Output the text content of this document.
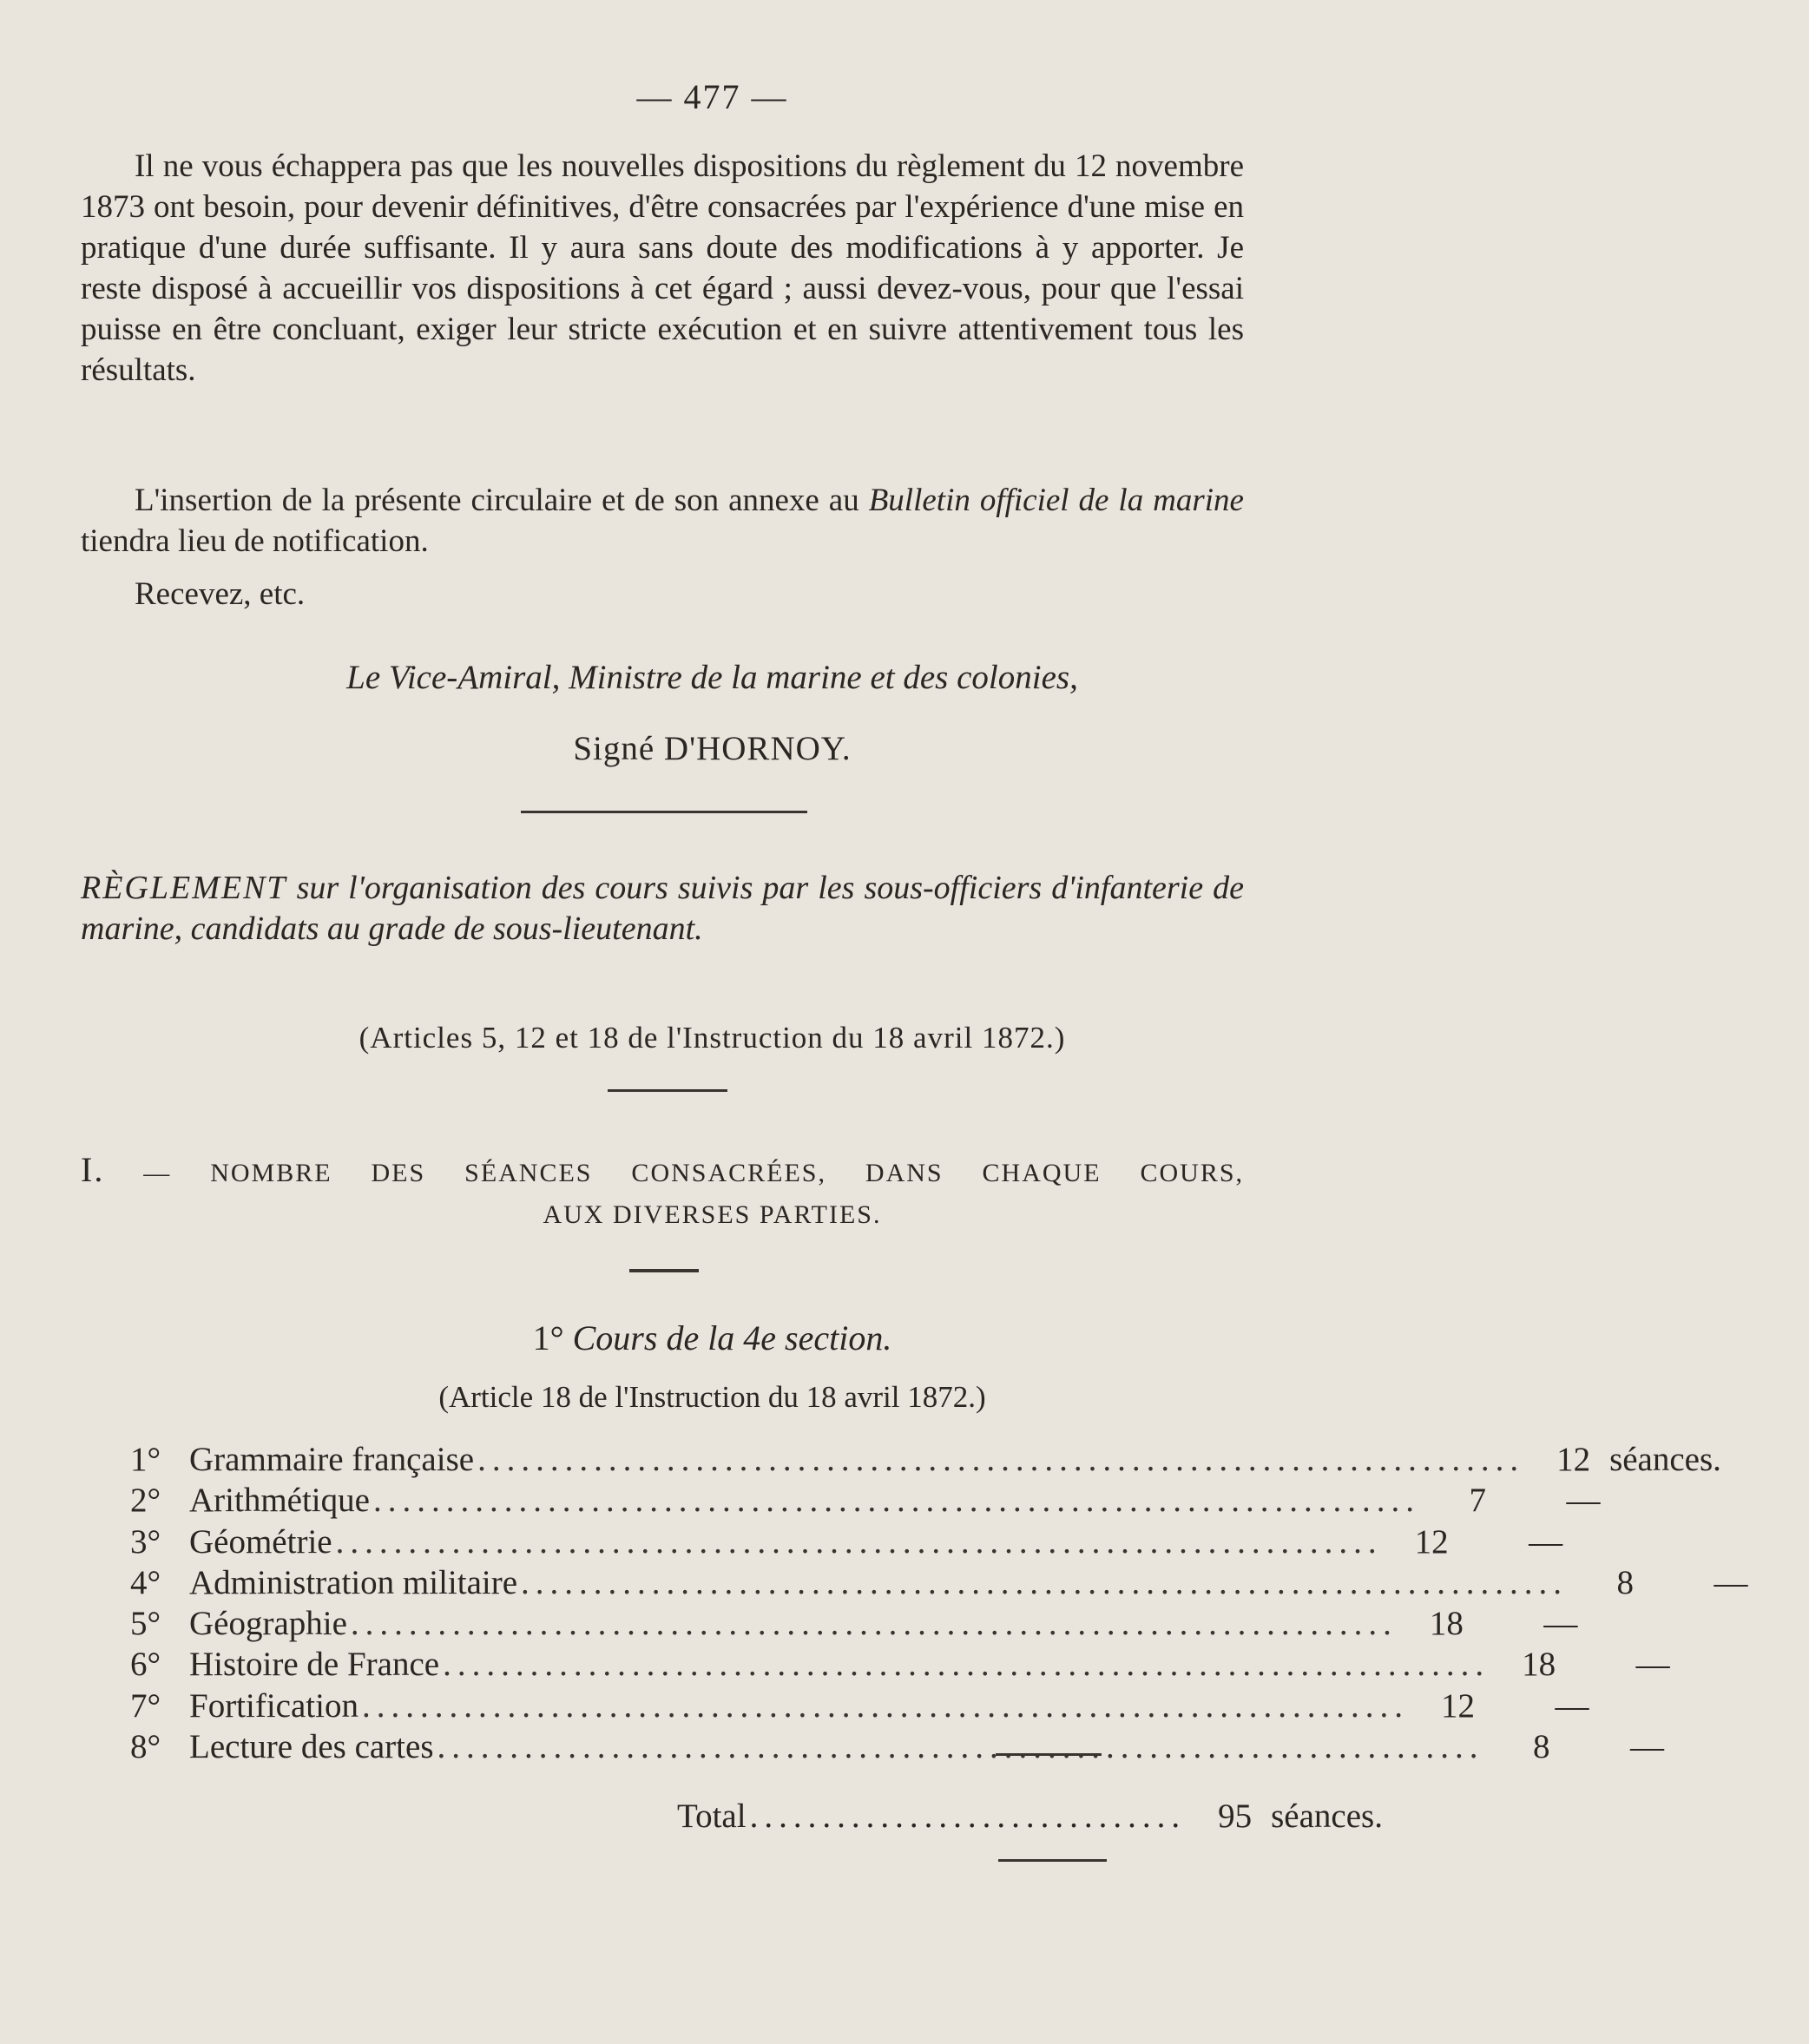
— 477 —

Il ne vous échappera pas que les nouvelles dispositions du règlement du 12 novembre 1873 ont besoin, pour devenir définitives, d'être consacrées par l'expérience d'une mise en pratique d'une durée suffisante. Il y aura sans doute des modifications à y apporter. Je reste disposé à accueillir vos dispositions à cet égard ; aussi devez-vous, pour que l'essai puisse en être concluant, exiger leur stricte exécution et en suivre attentivement tous les résultats.

L'insertion de la présente circulaire et de son annexe au Bulletin officiel de la marine tiendra lieu de notification.

Recevez, etc.

Le Vice-Amiral, Ministre de la marine et des colonies,
Signé D'HORNOY.

RÈGLEMENT sur l'organisation des cours suivis par les sous-officiers d'infanterie de marine, candidats au grade de sous-lieutenant.

(Articles 5, 12 et 18 de l'Instruction du 18 avril 1872.)
I. — NOMBRE DES SÉANCES CONSACRÉES, DANS CHAQUE COURS,
AUX DIVERSES PARTIES.
1° Cours de la 4e section.
(Article 18 de l'Instruction du 18 avril 1872.)
1° Grammaire française ........................................................................ 12 séances.
2° Arithmétique ........................................................................	7	—
3° Géométrie ........................................................................ 12	—
4° Administration militaire ........................................................................	8	—
5° Géographie ........................................................................ 18	—
6° Histoire de France ........................................................................ 18	—
7° Fortification ........................................................................ 12	—
8° Lecture des cartes ........................................................................	8	—
Total .............................. 95 séances.
